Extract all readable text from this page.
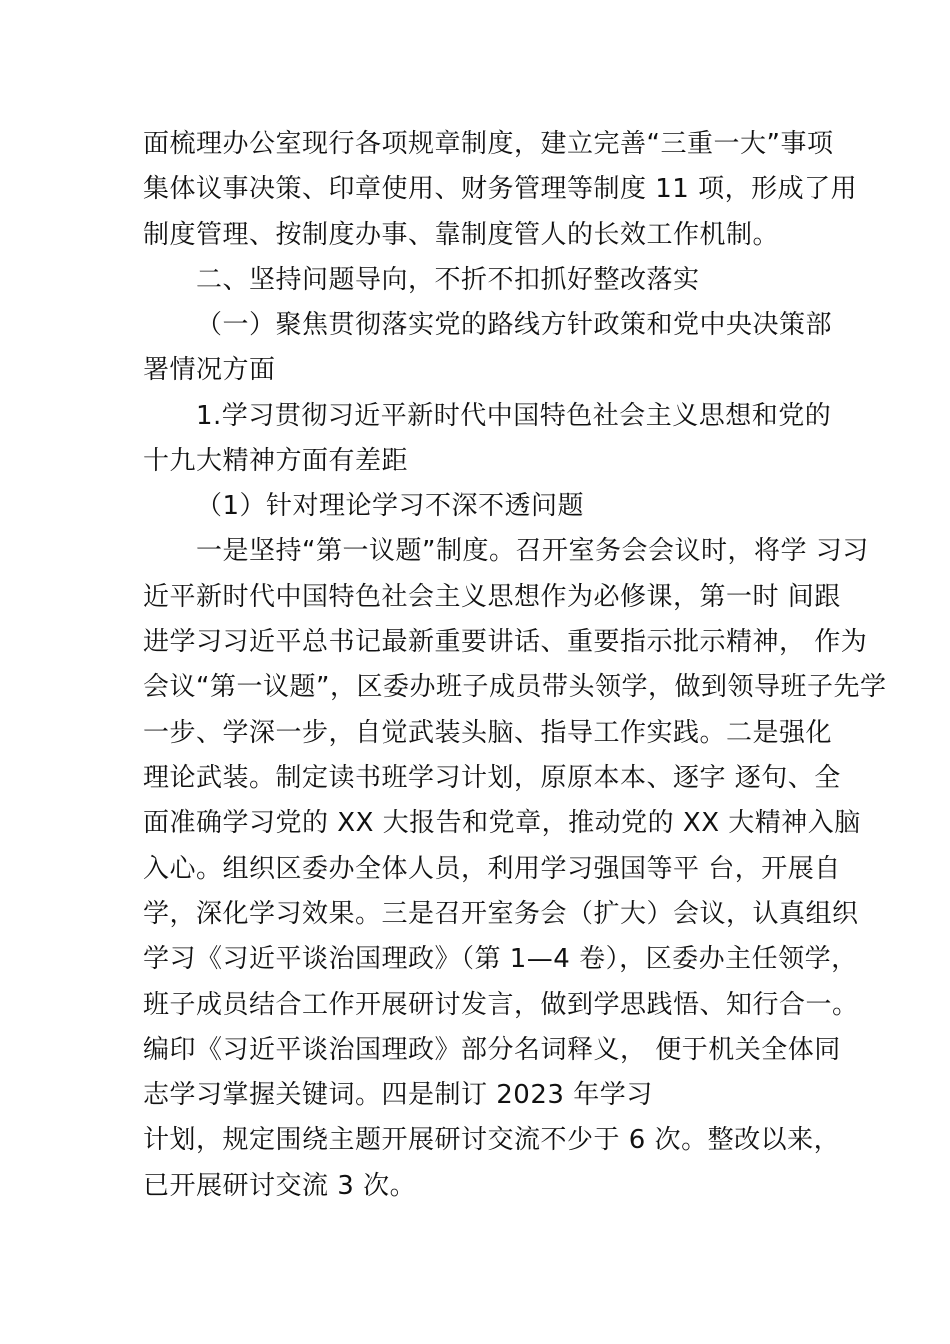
面梳理办公室现行各项规章制度，建立完善“三重一大”事项
集体议事决策、印章使用、财务管理等制度 11 项，形成了用
制度管理、按制度办事、靠制度管人的长效工作机制。
二、坚持问题导向，不折不扣抓好整改落实
（一）聚焦贯彻落实党的路线方针政策和党中央决策部
署情况方面
1.学习贯彻习近平新时代中国特色社会主义思想和党的
十九大精神方面有差距
（1）针对理论学习不深不透问题
一是坚持“第一议题”制度。召开室务会会议时，将学 习习
近平新时代中国特色社会主义思想作为必修课，第一时 间跟
进学习习近平总书记最新重要讲话、重要指示批示精神， 作为
会议“第一议题”，区委办班子成员带头领学，做到领导班子先学
一步、学深一步，自觉武装头脑、指导工作实践。二是强化
理论武装。制定读书班学习计划，原原本本、逐字 逐句、全
面准确学习党的 XX 大报告和党章，推动党的 XX 大精神入脑
入心。组织区委办全体人员，利用学习强国等平 台，开展自
学，深化学习效果。三是召开室务会（扩大）会议，认真组织
学习《习近平谈治国理政》（第 1—4 卷），区委办主任领学，
班子成员结合工作开展研讨发言，做到学思践悟、知行合一。
编印《习近平谈治国理政》部分名词释义， 便于机关全体同
志学习掌握关键词。四是制订 2023 年学习
计划，规定围绕主题开展研讨交流不少于 6 次。整改以来，
已开展研讨交流 3 次。
